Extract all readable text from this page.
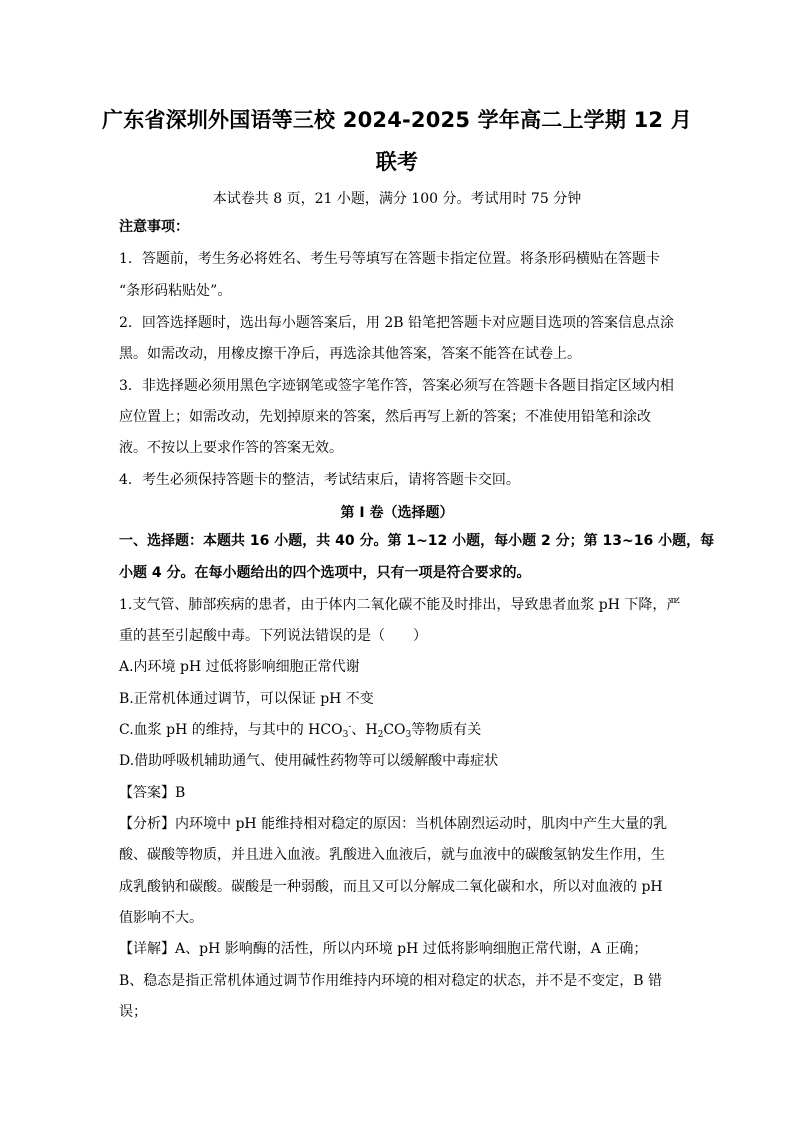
广东省深圳外国语等三校 2024-2025 学年高二上学期 12 月
联考
本试卷共 8 页，21 小题，满分 100 分。考试用时 75 分钟
注意事项：
1．答题前，考生务必将姓名、考生号等填写在答题卡指定位置。将条形码横贴在答题卡
“条形码粘贴处”。
2．回答选择题时，选出每小题答案后，用 2B 铅笔把答题卡对应题目选项的答案信息点涂
黑。如需改动，用橡皮擦干净后，再选涂其他答案，答案不能答在试卷上。
3．非选择题必须用黑色字迹钢笔或签字笔作答，答案必须写在答题卡各题目指定区域内相
应位置上；如需改动，先划掉原来的答案，然后再写上新的答案；不准使用铅笔和涂改
液。不按以上要求作答的答案无效。
4．考生必须保持答题卡的整洁，考试结束后，请将答题卡交回。
第 I 卷（选择题）
一、选择题：本题共 16 小题，共 40 分。第 1~12 小题，每小题 2 分；第 13~16 小题，每
小题 4 分。在每小题给出的四个选项中，只有一项是符合要求的。
1.支气管、肺部疾病的患者，由于体内二氧化碳不能及时排出，导致患者血浆 pH 下降，严
重的甚至引起酸中毒。下列说法错误的是（　　）
A.内环境 pH 过低将影响细胞正常代谢
B.正常机体通过调节，可以保证 pH 不变
C.血浆 pH 的维持，与其中的 $HCO_3^-$、$H_2CO_3$等物质有关
D.借助呼吸机辅助通气、使用碱性药物等可以缓解酸中毒症状
【答案】B
【分析】内环境中 pH 能维持相对稳定的原因：当机体剧烈运动时，肌肉中产生大量的乳
酸、碳酸等物质，并且进入血液。乳酸进入血液后，就与血液中的碳酸氢钠发生作用，生
成乳酸钠和碳酸。碳酸是一种弱酸，而且又可以分解成二氧化碳和水，所以对血液的 pH
值影响不大。
【详解】A、pH 影响酶的活性，所以内环境 pH 过低将影响细胞正常代谢，A 正确；
B、稳态是指正常机体通过调节作用维持内环境的相对稳定的状态，并不是不变定，B 错
误；
